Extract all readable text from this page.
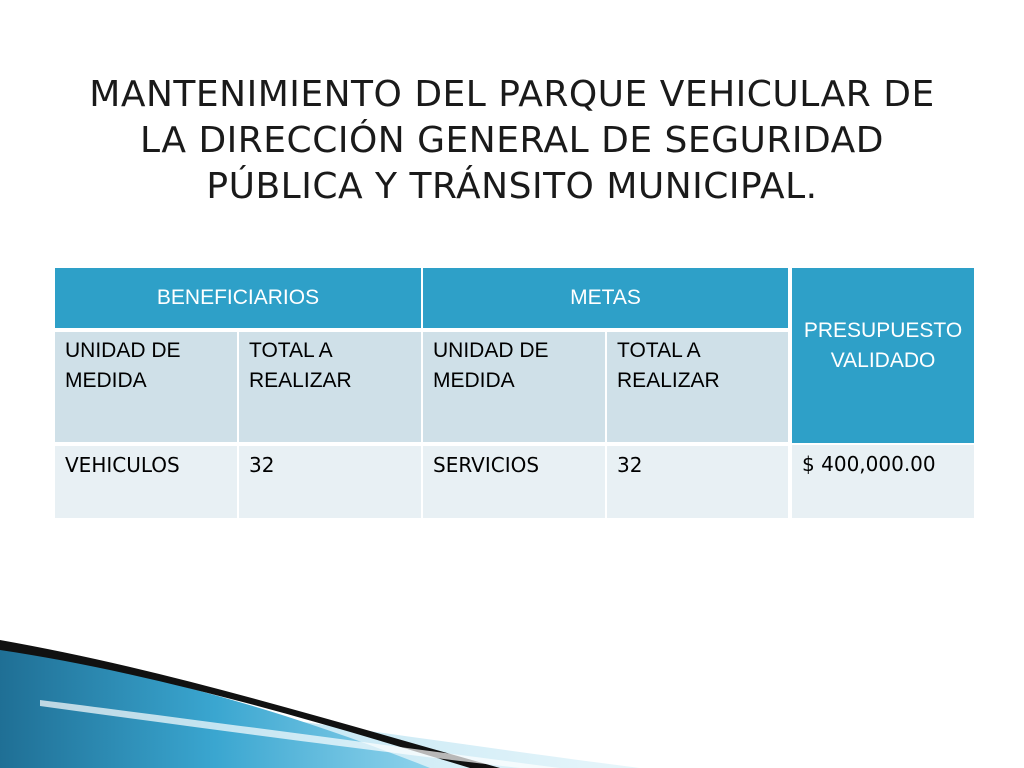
MANTENIMIENTO DEL PARQUE VEHICULAR DE
LA DIRECCIÓN GENERAL DE SEGURIDAD
PÚBLICA Y TRÁNSITO MUNICIPAL.
BENEFICIARIOS		METAS		PRESUPUESTO VALIDADO
UNIDAD DE MEDIDA	TOTAL A REALIZAR	UNIDAD DE MEDIDA	TOTAL A REALIZAR	
VEHICULOS	32	SERVICIOS	32	$ 400,000.00
